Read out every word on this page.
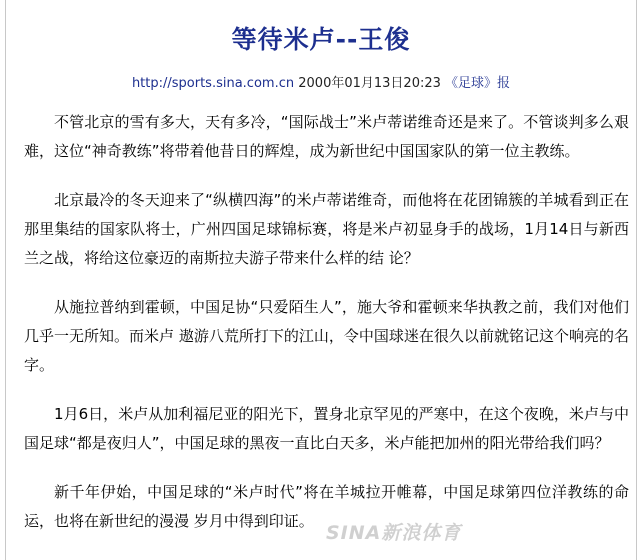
等待米卢--王俊
http://sports.sina.com.cn 2000年01月13日20:23 《足球》报

不管北京的雪有多大，天有多冷，“国际战士”米卢蒂诺维奇还是来了。不管谈判多么艰难，这位“神奇教练”将带着他昔日的辉煌，成为新世纪中国国家队的第一位主教练。

北京最冷的冬天迎来了“纵横四海”的米卢蒂诺维奇，而他将在花团锦簇的羊城看到正在那里集结的国家队将士，广州四国足球锦标赛，将是米卢初显身手的战场，1月14日与新西兰之战，将给这位豪迈的南斯拉夫游子带来什么样的结 论？

从施拉普纳到霍顿，中国足协“只爱陌生人”，施大爷和霍顿来华执教之前，我们对他们几乎一无所知。而米卢 遨游八荒所打下的江山，令中国球迷在很久以前就铭记这个响亮的名字。

1月6日，米卢从加利福尼亚的阳光下，置身北京罕见的严寒中，在这个夜晚，米卢与中国足球“都是夜归人”，中国足球的黑夜一直比白天多，米卢能把加州的阳光带给我们吗？

新千年伊始，中国足球的“米卢时代”将在羊城拉开帷幕，中国足球第四位洋教练的命运，也将在新世纪的漫漫 岁月中得到印证。

SINA新浪体育
